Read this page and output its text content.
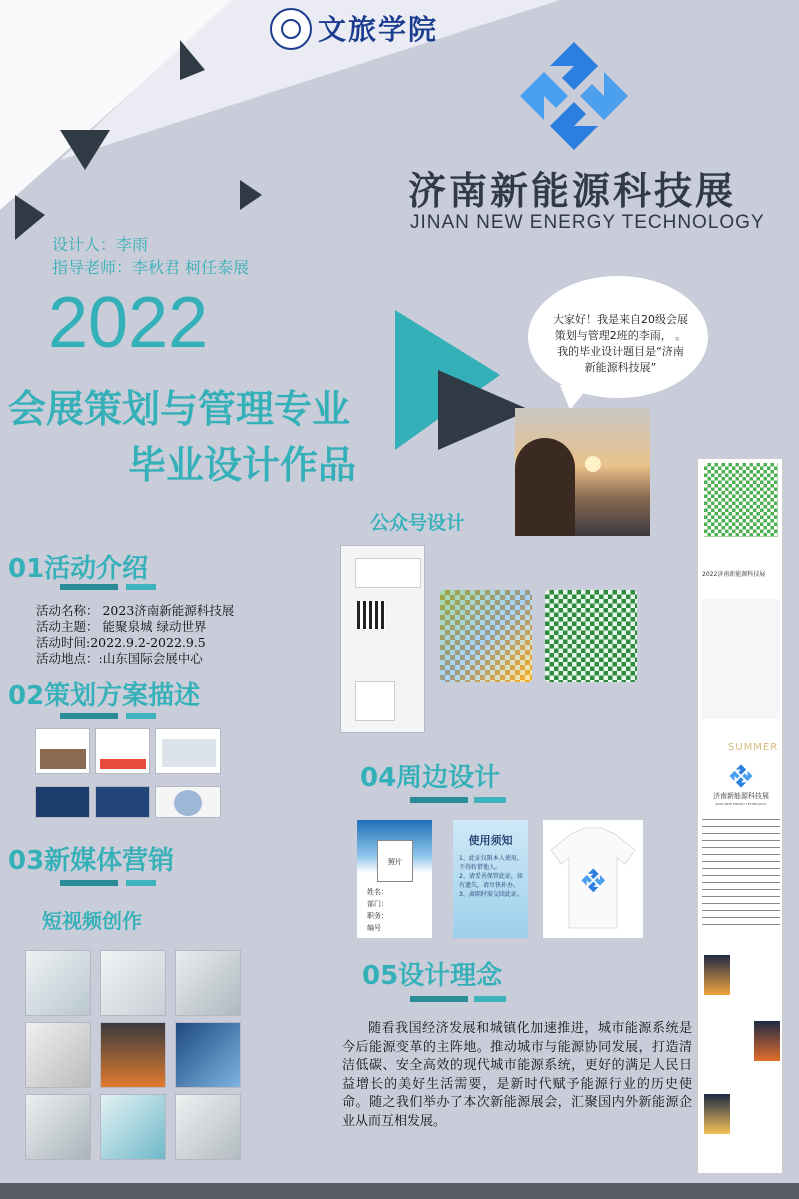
文旅学院
济南新能源科技展
JINAN NEW ENERGY TECHNOLOGY
设计人：李雨
指导老师：李秋君 柯任泰展
2022
会展策划与管理专业
毕业设计作品
大家好！我是来自20级会展策划与管理2班的李雨， 。我的毕业设计题目是“济南新能源科技展”
公众号设计
2022济南新能源科技展
SUMMER
济南新能源科技展
JINAN NEW ENERGY TECHNOLOGY
01活动介绍
活动名称： 2023济南新能源科技展
活动主题： 能聚泉城 绿动世界
活动时间:2022.9.2-2022.9.5
活动地点：:山东国际会展中心
02策划方案描述
03新媒体营销
短视频创作
04周边设计
照片
姓名：
部门：
职务：
编号
使用须知
1、此证仅限本人使用，不得转借他人。
2、请妥善保管此证，如有遗失，请尽快补办。
3、离职时需交回此证。
05设计理念
随看我国经济发展和城镇化加速推进，城市能源系统是今后能源变革的主阵地。推动城市与能源协同发展，打造清洁低碳、安全高效的现代城市能源系统，更好的满足人民日益增长的美好生活需要，是新时代赋予能源行业的历史使命。随之我们举办了本次新能源展会，汇聚国内外新能源企业从而互相发展。
